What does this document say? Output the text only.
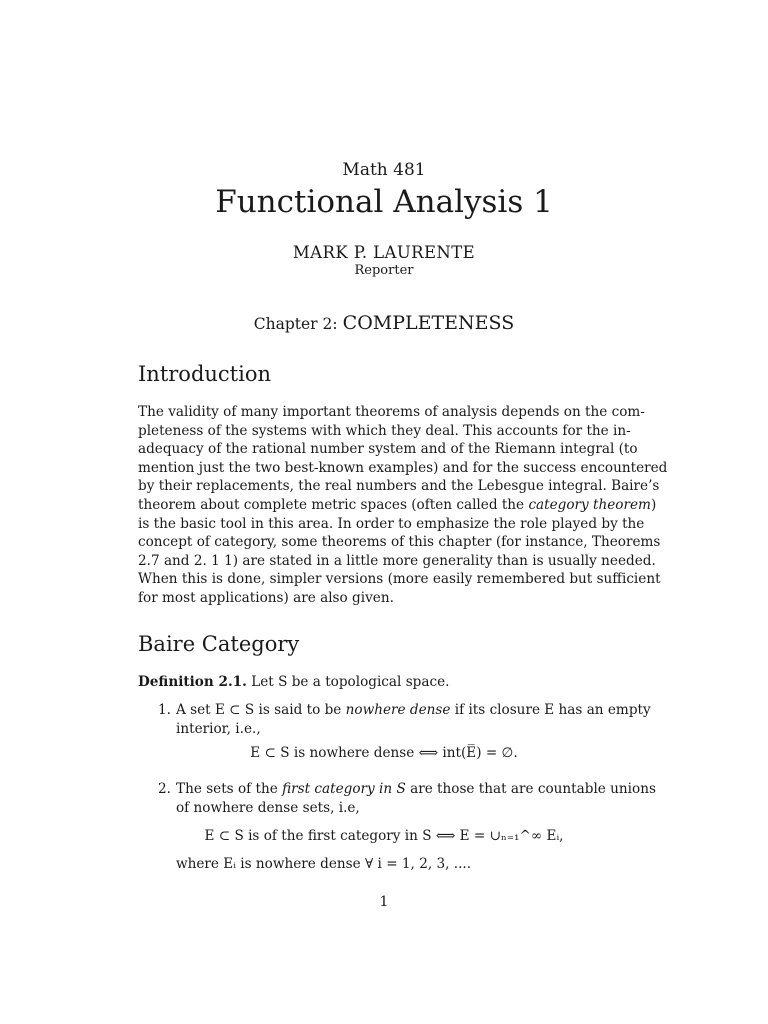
Math 481
Functional Analysis 1
MARK P. LAURENTE
Reporter
Chapter 2: COMPLETENESS
Introduction
The validity of many important theorems of analysis depends on the com-
pleteness of the systems with which they deal. This accounts for the in-
adequacy of the rational number system and of the Riemann integral (to
mention just the two best-known examples) and for the success encountered
by their replacements, the real numbers and the Lebesgue integral. Baire’s
theorem about complete metric spaces (often called the category theorem)
is the basic tool in this area. In order to emphasize the role played by the
concept of category, some theorems of this chapter (for instance, Theorems
2.7 and 2. 1 1) are stated in a little more generality than is usually needed.
When this is done, simpler versions (more easily remembered but sufficient
for most applications) are also given.
Baire Category
Definition 2.1. Let S be a topological space.
1. A set E ⊂ S is said to be nowhere dense if its closure E has an empty
interior, i.e.,
E ⊂ S is nowhere dense ⟺ int(E̅) = ∅.
2. The sets of the first category in S are those that are countable unions
of nowhere dense sets, i.e,
E ⊂ S is of the first category in S ⟺ E = ∪ₙ₌₁^∞ Eᵢ,
where Eᵢ is nowhere dense ∀ i = 1, 2, 3, ....
1
